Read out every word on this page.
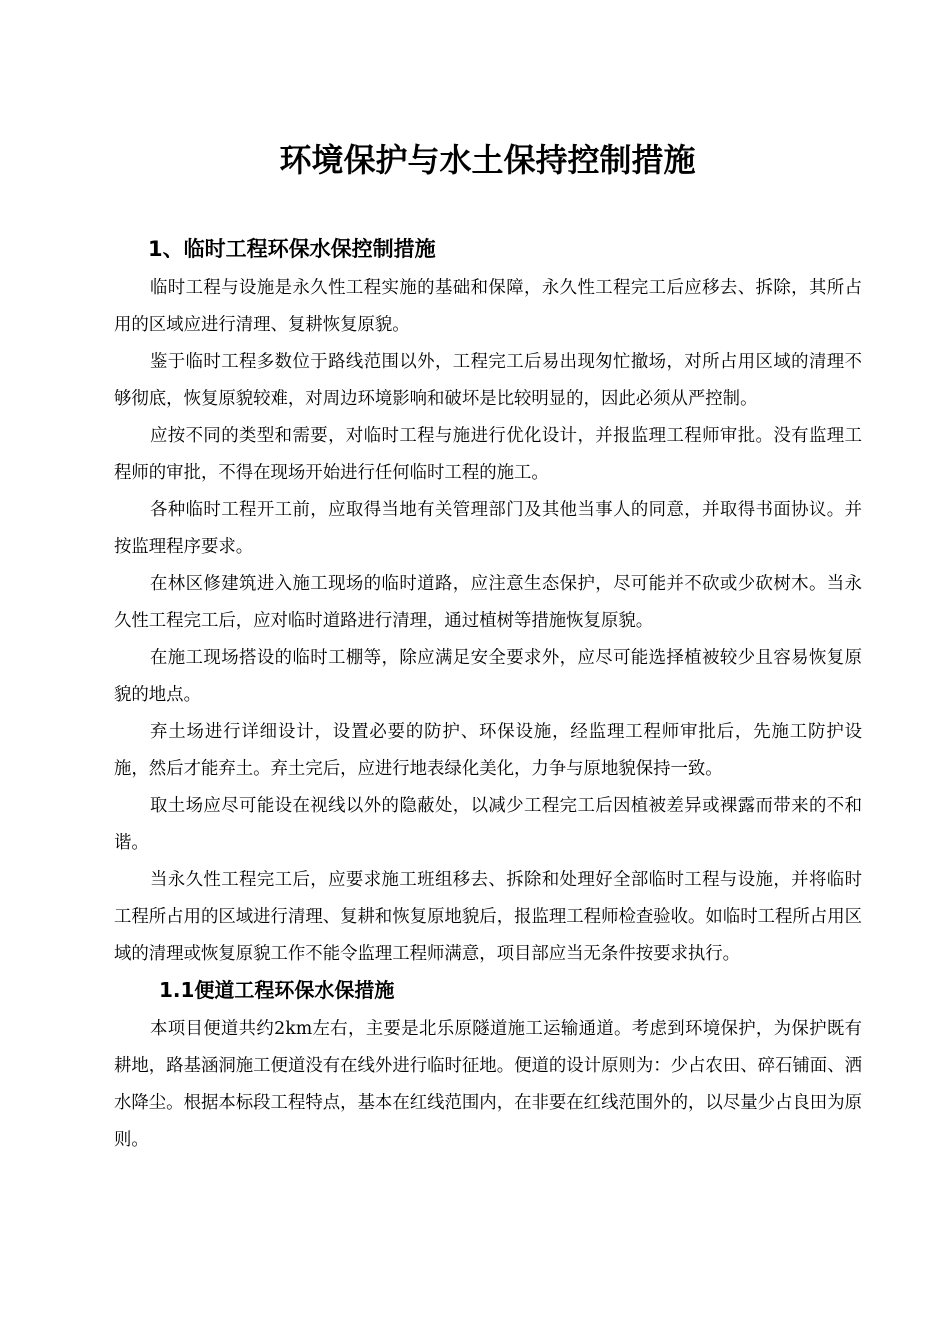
环境保护与水土保持控制措施
1、临时工程环保水保控制措施

临时工程与设施是永久性工程实施的基础和保障，永久性工程完工后应移去、拆除，其所占用的区域应进行清理、复耕恢复原貌。

鉴于临时工程多数位于路线范围以外，工程完工后易出现匆忙撤场，对所占用区域的清理不够彻底，恢复原貌较难，对周边环境影响和破坏是比较明显的，因此必须从严控制。

应按不同的类型和需要，对临时工程与施进行优化设计，并报监理工程师审批。没有监理工程师的审批，不得在现场开始进行任何临时工程的施工。

各种临时工程开工前，应取得当地有关管理部门及其他当事人的同意，并取得书面协议。并按监理程序要求。

在林区修建筑进入施工现场的临时道路，应注意生态保护，尽可能并不砍或少砍树木。当永久性工程完工后，应对临时道路进行清理，通过植树等措施恢复原貌。

在施工现场搭设的临时工棚等，除应满足安全要求外，应尽可能选择植被较少且容易恢复原貌的地点。

弃土场进行详细设计，设置必要的防护、环保设施，经监理工程师审批后，先施工防护设施，然后才能弃土。弃土完后，应进行地表绿化美化，力争与原地貌保持一致。

取土场应尽可能设在视线以外的隐蔽处，以减少工程完工后因植被差异或裸露而带来的不和谐。

当永久性工程完工后，应要求施工班组移去、拆除和处理好全部临时工程与设施，并将临时工程所占用的区域进行清理、复耕和恢复原地貌后，报监理工程师检查验收。如临时工程所占用区域的清理或恢复原貌工作不能令监理工程师满意，项目部应当无条件按要求执行。

1.1便道工程环保水保措施

本项目便道共约2km左右，主要是北乐原隧道施工运输通道。考虑到环境保护，为保护既有耕地，路基涵洞施工便道没有在线外进行临时征地。便道的设计原则为：少占农田、碎石铺面、洒水降尘。根据本标段工程特点，基本在红线范围内，在非要在红线范围外的，以尽量少占良田为原则。
